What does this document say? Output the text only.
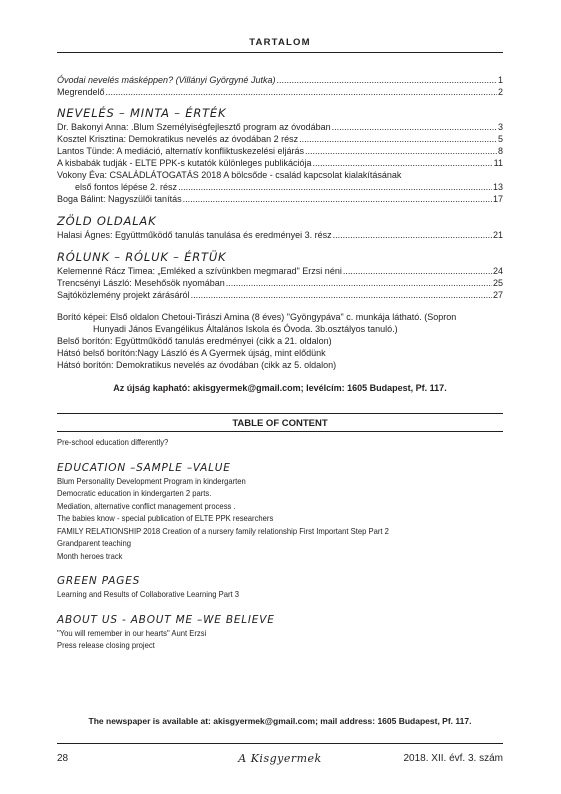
TARTALOM
Óvodai nevelés másképpen? (Villányi Györgyné Jutka) .....	1
Megrendelő .....	2
NEVELÉS – MINTA – ÉRTÉK
Dr. Bakonyi Anna: .Blum Személyiségfejlesztő program az óvodában .....	3
Kosztel Krisztina: Demokratikus nevelés az óvodában 2 rész .....	5
Lantos Tünde: A mediáció, alternatív konfliktuskezelési eljárás .....	8
A kisbabák tudják - ELTE PPK-s kutatók különleges publikációja .....	11
Vokony Éva: CSALÁDLÁTOGATÁS 2018 A bölcsőde - család kapcsolat kialakításának
első fontos lépése 2. rész .....	13
Boga Bálint: Nagyszülői tanítás .....	17
ZÖLD OLDALAK
Halasi Ágnes: Együttműködő tanulás tanulása és eredményei 3. rész .....	21
RÓLUNK – RÓLUK – ÉRTÜK
Kelemenné Rácz Timea: „Emléked a szívünkben megmarad" Erzsi néni .....	24
Trencsényi László: Mesehősök nyomában .....	25
Sajtóközlemény projekt zárásáról .....	27
Borító képei: Első oldalon Chetoui-Tirászi Amina (8 éves) "Gyöngypáva" c. munkája látható. (Sopron
Hunyadi János Evangélikus Általános Iskola és Óvoda. 3b.osztályos tanuló.)
Belső borítón: Együttműködő tanulás eredményei (cikk a 21. oldalon)
Hátsó belső borítón:Nagy László és A Gyermek újság, mint elődünk
Hátsó borítón: Demokratikus nevelés az óvodában (cikk az 5. oldalon)
Az újság kapható: akisgyermek@gmail.com; levélcím: 1605 Budapest, Pf. 117.
TABLE OF CONTENT
Pre-school education differently?
EDUCATION –SAMPLE –VALUE
Blum Personality Development Program in kindergarten
Democratic education in kindergarten 2 parts.
Mediation, alternative conflict management process .
The babies know - special publication of ELTE PPK researchers
FAMILY RELATIONSHIP 2018 Creation of a nursery family relationship First Important Step Part 2
Grandparent teaching
Month heroes track
GREEN PAGES
Learning and Results of Collaborative Learning Part 3
ABOUT US - ABOUT ME –WE BELIEVE
"You will remember in our hearts" Aunt Erzsi
Press release closing project
The newspaper is available at: akisgyermek@gmail.com; mail address: 1605 Budapest, Pf. 117.
28	A Kisgyermek	2018. XII. évf. 3. szám
